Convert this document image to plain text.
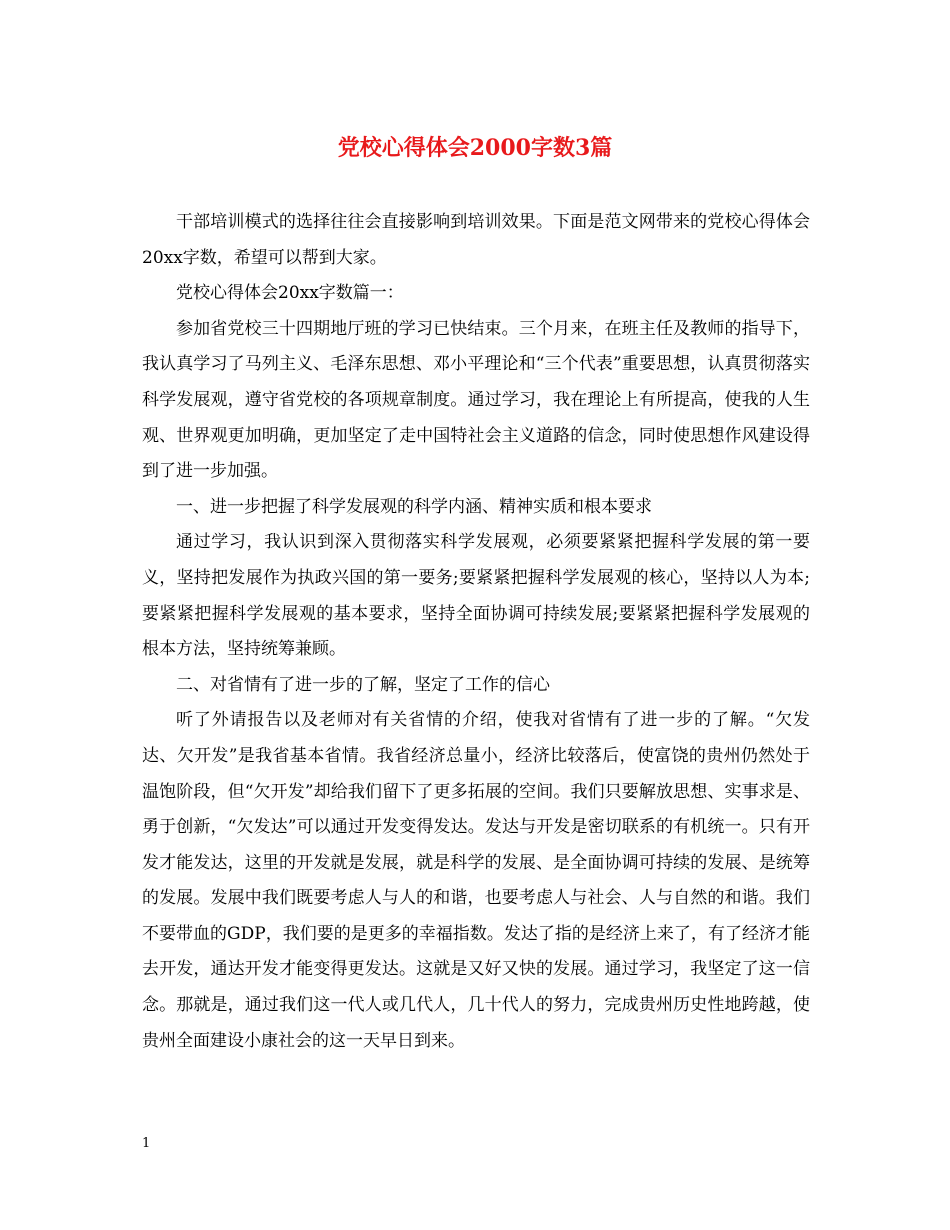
党校心得体会2000字数3篇

干部培训模式的选择往往会直接影响到培训效果。下面是范文网带来的党校心得体会20xx字数，希望可以帮到大家。

党校心得体会20xx字数篇一：

参加省党校三十四期地厅班的学习已快结束。三个月来，在班主任及教师的指导下，我认真学习了马列主义、毛泽东思想、邓小平理论和“三个代表”重要思想，认真贯彻落实科学发展观，遵守省党校的各项规章制度。通过学习，我在理论上有所提高，使我的人生观、世界观更加明确，更加坚定了走中国特社会主义道路的信念，同时使思想作风建设得到了进一步加强。

一、进一步把握了科学发展观的科学内涵、精神实质和根本要求

通过学习，我认识到深入贯彻落实科学发展观，必须要紧紧把握科学发展的第一要义，坚持把发展作为执政兴国的第一要务;要紧紧把握科学发展观的核心，坚持以人为本;要紧紧把握科学发展观的基本要求，坚持全面协调可持续发展;要紧紧把握科学发展观的根本方法，坚持统筹兼顾。

二、对省情有了进一步的了解，坚定了工作的信心

听了外请报告以及老师对有关省情的介绍，使我对省情有了进一步的了解。“欠发达、欠开发”是我省基本省情。我省经济总量小，经济比较落后，使富饶的贵州仍然处于温饱阶段，但“欠开发”却给我们留下了更多拓展的空间。我们只要解放思想、实事求是、勇于创新，“欠发达”可以通过开发变得发达。发达与开发是密切联系的有机统一。只有开发才能发达，这里的开发就是发展，就是科学的发展、是全面协调可持续的发展、是统筹的发展。发展中我们既要考虑人与人的和谐，也要考虑人与社会、人与自然的和谐。我们不要带血的GDP，我们要的是更多的幸福指数。发达了指的是经济上来了，有了经济才能去开发，通达开发才能变得更发达。这就是又好又快的发展。通过学习，我坚定了这一信念。那就是，通过我们这一代人或几代人，几十代人的努力，完成贵州历史性地跨越，使贵州全面建设小康社会的这一天早日到来。

1
